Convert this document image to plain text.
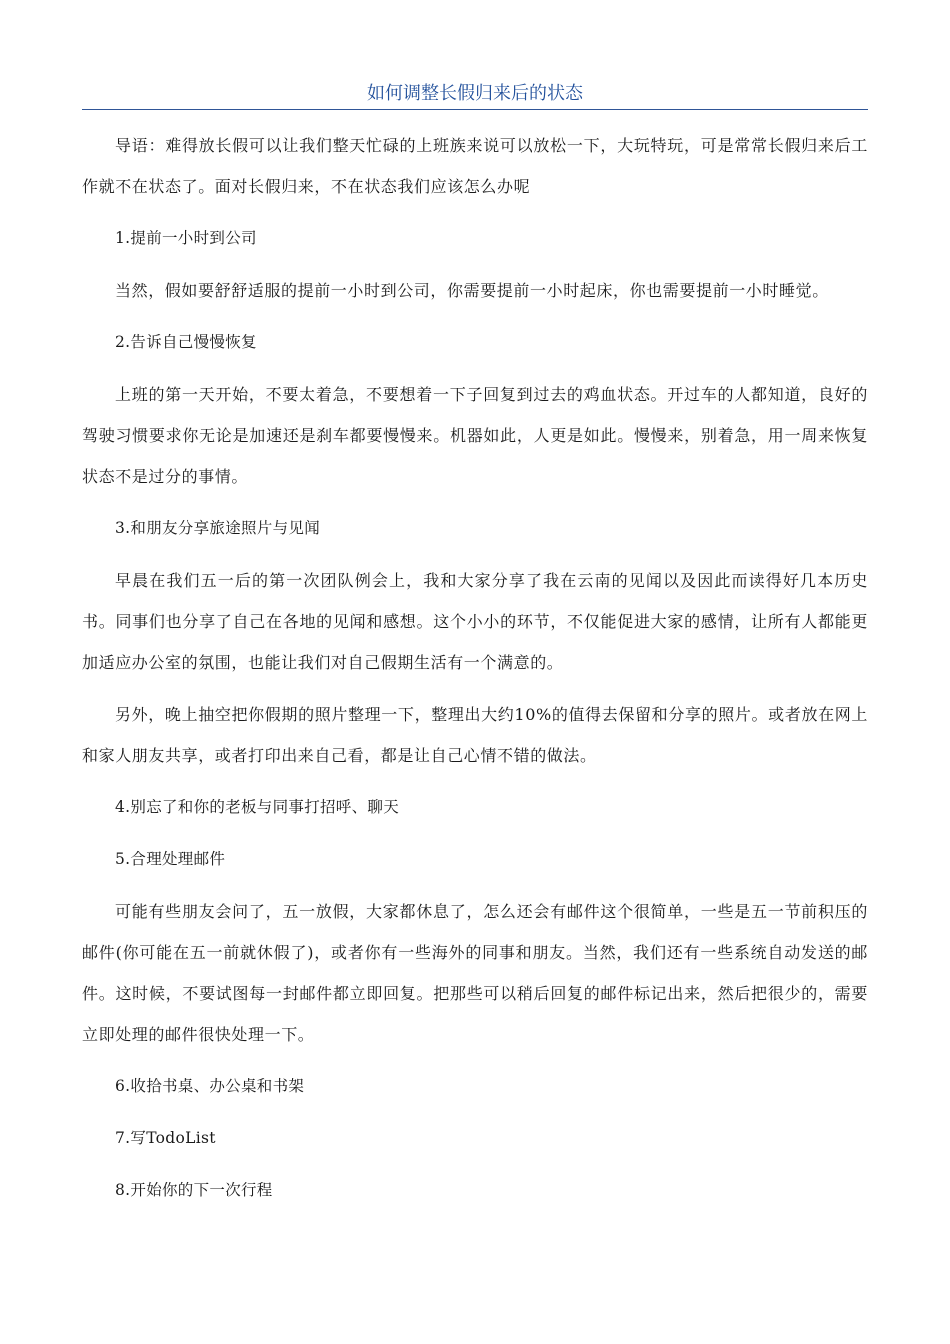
如何调整长假归来后的状态

导语：难得放长假可以让我们整天忙碌的上班族来说可以放松一下，大玩特玩，可是常常长假归来后工作就不在状态了。面对长假归来，不在状态我们应该怎么办呢

1.提前一小时到公司

当然，假如要舒舒适服的提前一小时到公司，你需要提前一小时起床，你也需要提前一小时睡觉。

2.告诉自己慢慢恢复

上班的第一天开始，不要太着急，不要想着一下子回复到过去的鸡血状态。开过车的人都知道，良好的驾驶习惯要求你无论是加速还是刹车都要慢慢来。机器如此，人更是如此。慢慢来，别着急，用一周来恢复状态不是过分的事情。

3.和朋友分享旅途照片与见闻

早晨在我们五一后的第一次团队例会上，我和大家分享了我在云南的见闻以及因此而读得好几本历史书。同事们也分享了自己在各地的见闻和感想。这个小小的环节，不仅能促进大家的感情，让所有人都能更加适应办公室的氛围，也能让我们对自己假期生活有一个满意的。

另外，晚上抽空把你假期的照片整理一下，整理出大约10%的值得去保留和分享的照片。或者放在网上和家人朋友共享，或者打印出来自己看，都是让自己心情不错的做法。

4.别忘了和你的老板与同事打招呼、聊天

5.合理处理邮件

可能有些朋友会问了，五一放假，大家都休息了，怎么还会有邮件这个很简单，一些是五一节前积压的邮件(你可能在五一前就休假了)，或者你有一些海外的同事和朋友。当然，我们还有一些系统自动发送的邮件。这时候，不要试图每一封邮件都立即回复。把那些可以稍后回复的邮件标记出来，然后把很少的，需要立即处理的邮件很快处理一下。

6.收拾书桌、办公桌和书架

7.写TodoList

8.开始你的下一次行程
